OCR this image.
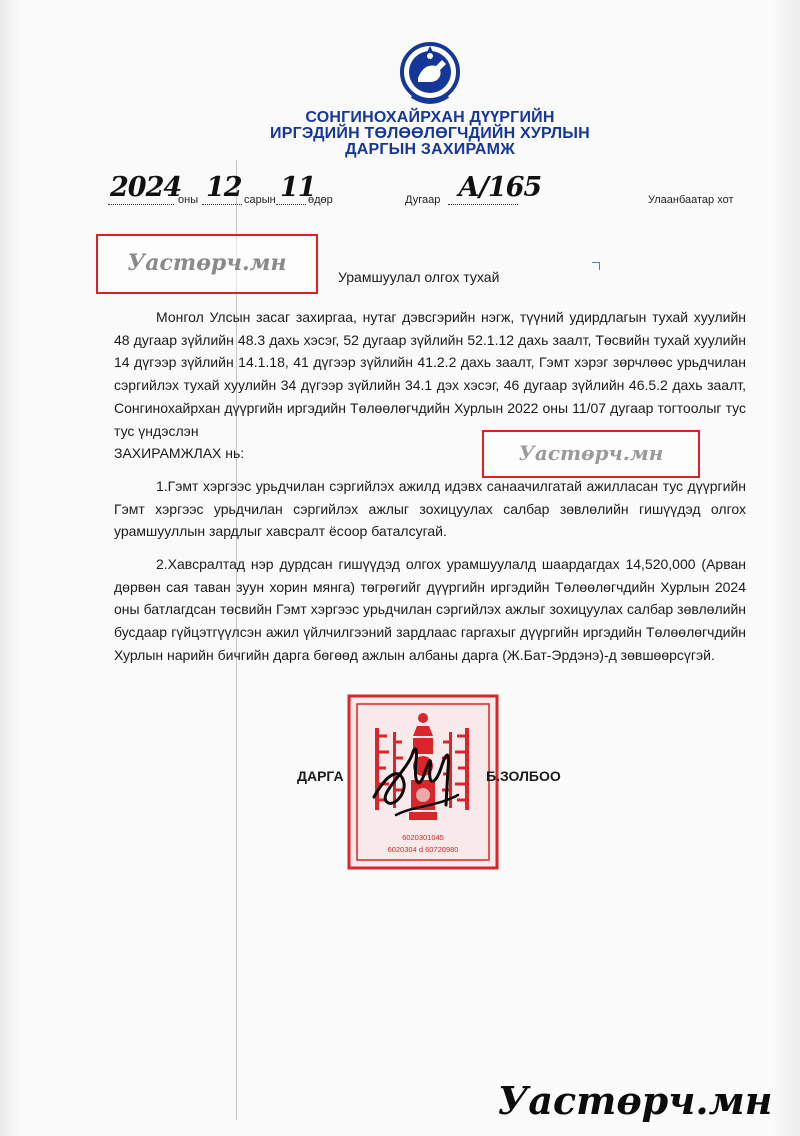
СОНГИНОХАЙРХАН ДҮҮРГИЙН
ИРГЭДИЙН ТӨЛӨӨЛӨГЧДИЙН ХУРЛЫН
ДАРГЫН ЗАХИРАМЖ
2024
оны 12 сарын 11
өдөр	Дугаар А/165	Улаанбаатар хот
Уастөрч.мн
Урамшуулал олгох тухай

Монгол Улсын засаг захиргаа, нутаг дэвсгэрийн нэгж, түүний удирдлагын тухай хуулийн 48 дугаар зүйлийн 48.3 дахь хэсэг, 52 дугаар зүйлийн 52.1.12 дахь заалт, Төсвийн тухай хуулийн 14 дүгээр зүйлийн 14.1.18, 41 дүгээр зүйлийн 41.2.2 дахь заалт, Гэмт хэрэг зөрчлөөс урьдчилан сэргийлэх тухай хуулийн 34 дүгээр зүйлийн 34.1 дэх хэсэг, 46 дугаар зүйлийн 46.5.2 дахь заалт, Сонгинохайрхан дүүргийн иргэдийн Төлөөлөгчдийн Хурлын 2022 оны 11/07 дугаар тогтоолыг тус тус үндэслэн

ЗАХИРАМЖЛАХ нь:

1.Гэмт хэргээс урьдчилан сэргийлэх ажилд идэвх санаачилгатай ажилласан тус дүүргийн Гэмт хэргээс урьдчилан сэргийлэх ажлыг зохицуулах салбар зөвлөлийн гишүүдэд олгох урамшууллын зардлыг хавсралт ёсоор баталсугай.

2.Хавсралтад нэр дурдсан гишүүдэд олгох урамшуулалд шаардагдах 14,520,000 (Арван дөрвөн сая таван зуун хорин мянга) төгрөгийг дүүргийн иргэдийн Төлөөлөгчдийн Хурлын 2024 оны батлагдсан төсвийн Гэмт хэргээс урьдчилан сэргийлэх ажлыг зохицуулах салбар зөвлөлийн бусдаар гүйцэтгүүлсэн ажил үйлчилгээний зардлаас гаргахыг дүүргийн иргэдийн Төлөөлөгчдийн Хурлын нарийн бичгийн дарга бөгөөд ажлын албаны дарга (Ж.Бат-Эрдэнэ)-д зөвшөөрсүгэй.

Уастөрч.мн
6020301045
6020304 d 60720980
ДАРГА	Б.ЗОЛБОО
Уастөрч.мн
